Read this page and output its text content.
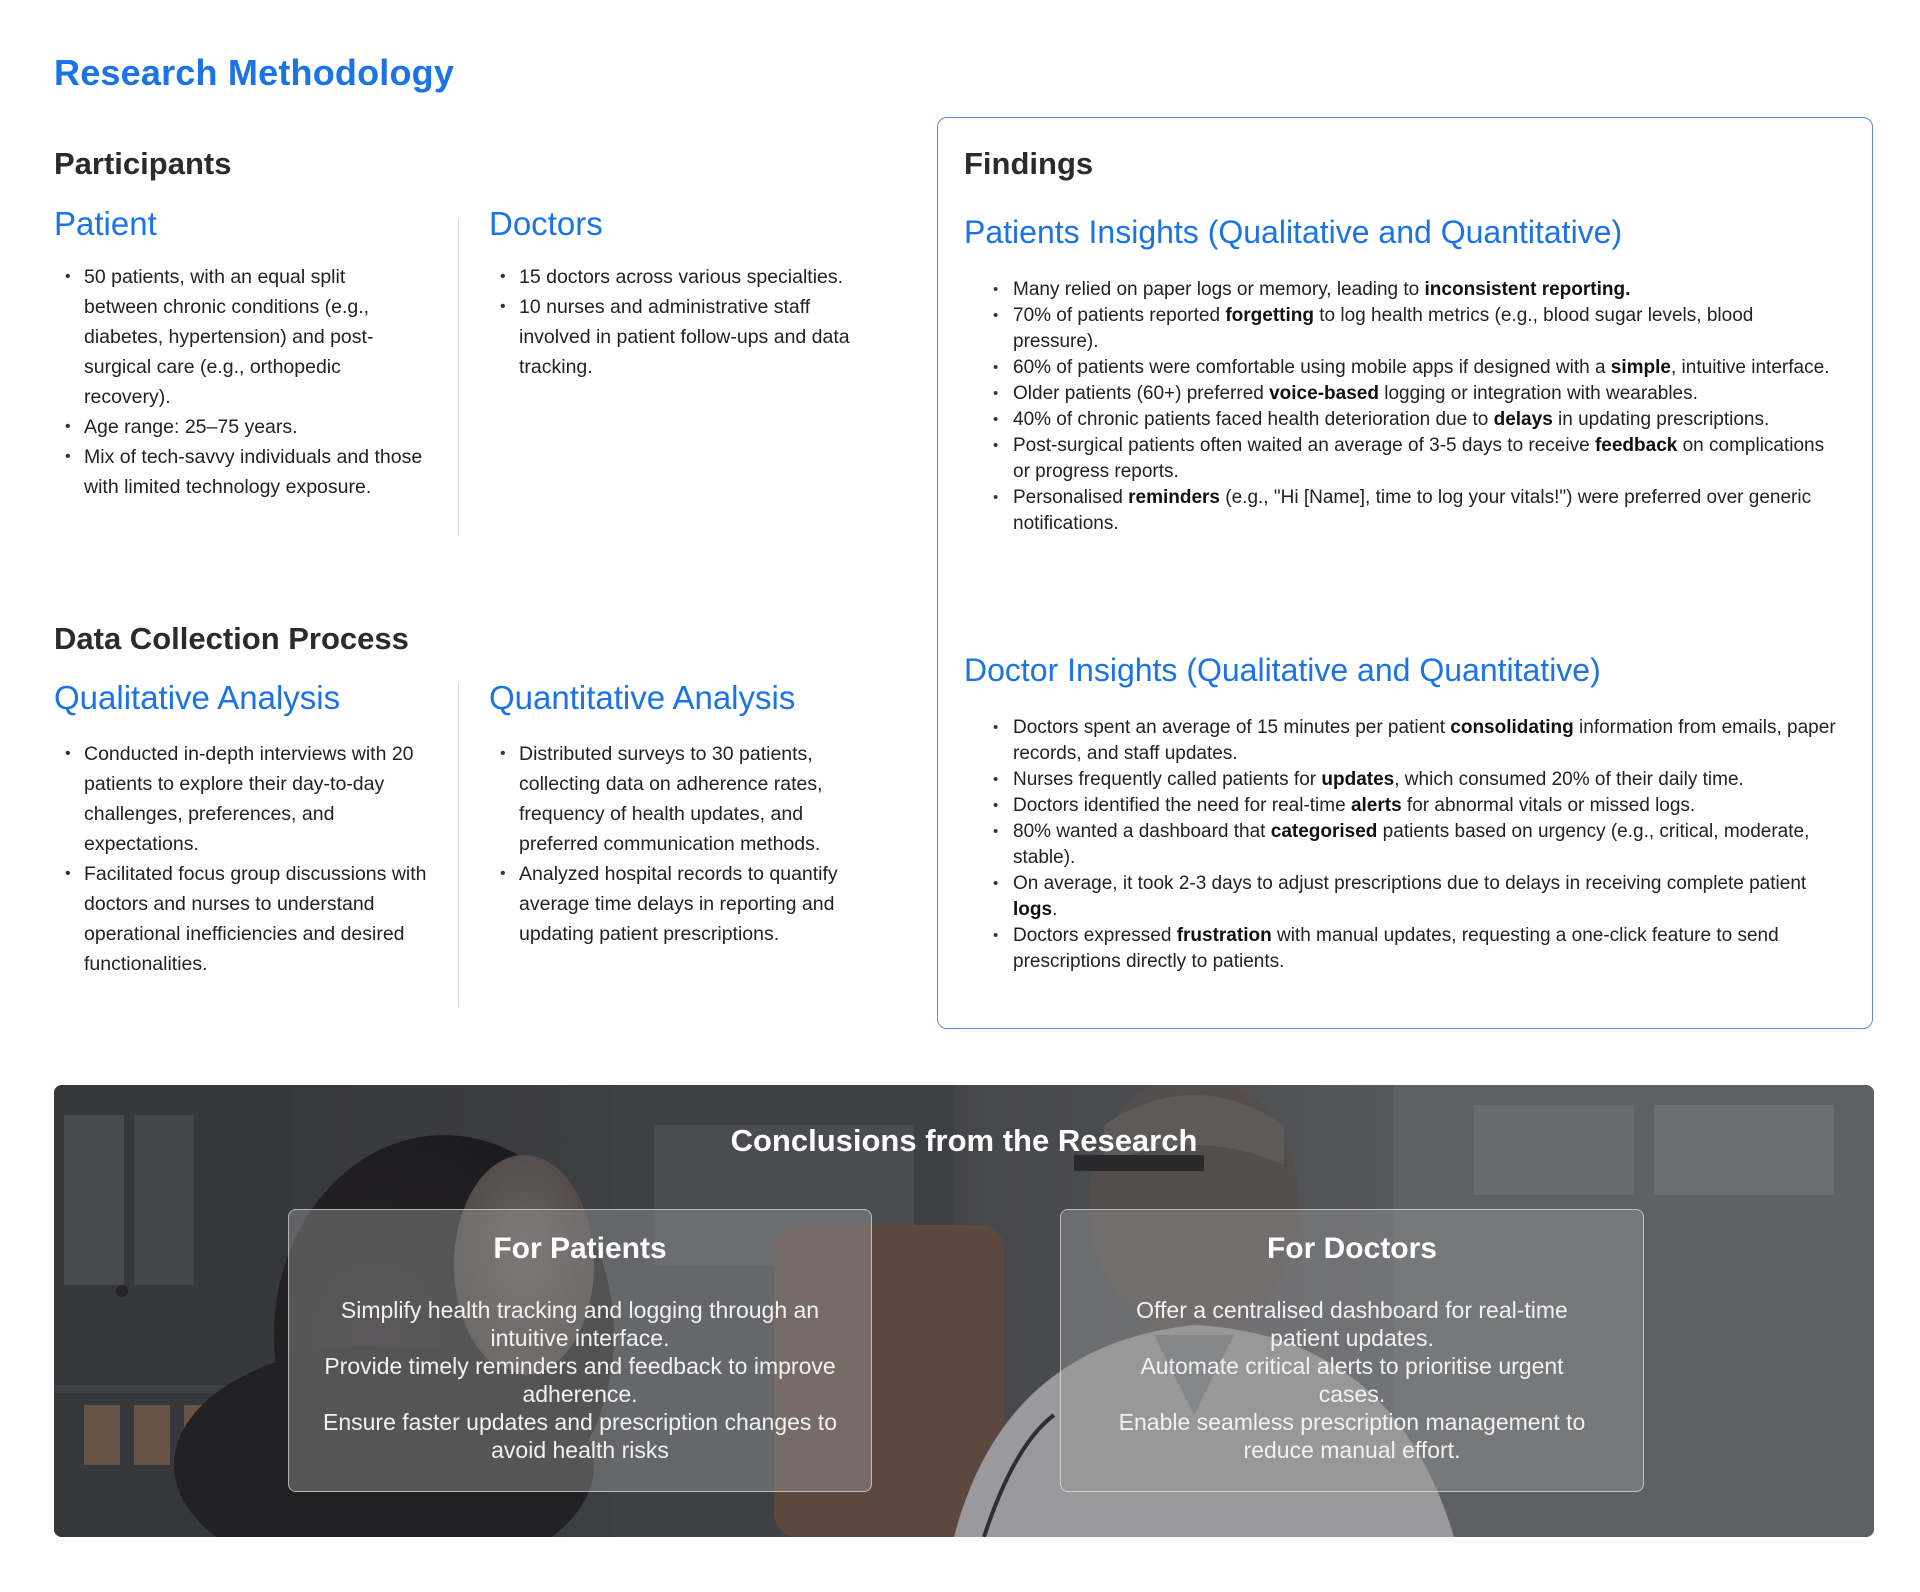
Research Methodology
Participants
Patient
• 50 patients, with an equal split between chronic conditions (e.g., diabetes, hypertension) and post-surgical care (e.g., orthopedic recovery).
• Age range: 25–75 years.
• Mix of tech-savvy individuals and those with limited technology exposure.
Doctors
• 15 doctors across various specialties.
• 10 nurses and administrative staff involved in patient follow-ups and data tracking.
Data Collection Process
Qualitative Analysis
• Conducted in-depth interviews with 20 patients to explore their day-to-day challenges, preferences, and expectations.
• Facilitated focus group discussions with doctors and nurses to understand operational inefficiencies and desired functionalities.
Quantitative Analysis
• Distributed surveys to 30 patients, collecting data on adherence rates, frequency of health updates, and preferred communication methods.
• Analyzed hospital records to quantify average time delays in reporting and updating patient prescriptions.
Findings
Patients Insights (Qualitative and Quantitative)
• Many relied on paper logs or memory, leading to inconsistent reporting.
• 70% of patients reported forgetting to log health metrics (e.g., blood sugar levels, blood pressure).
• 60% of patients were comfortable using mobile apps if designed with a simple, intuitive interface.
• Older patients (60+) preferred voice-based logging or integration with wearables.
• 40% of chronic patients faced health deterioration due to delays in updating prescriptions.
• Post-surgical patients often waited an average of 3-5 days to receive feedback on complications or progress reports.
• Personalised reminders (e.g., "Hi [Name], time to log your vitals!") were preferred over generic notifications.
Doctor Insights (Qualitative and Quantitative)
• Doctors spent an average of 15 minutes per patient consolidating information from emails, paper records, and staff updates.
• Nurses frequently called patients for updates, which consumed 20% of their daily time.
• Doctors identified the need for real-time alerts for abnormal vitals or missed logs.
• 80% wanted a dashboard that categorised patients based on urgency (e.g., critical, moderate, stable).
• On average, it took 2-3 days to adjust prescriptions due to delays in receiving complete patient logs.
• Doctors expressed frustration with manual updates, requesting a one-click feature to send prescriptions directly to patients.
Conclusions from the Research
For Patients
Simplify health tracking and logging through an intuitive interface.
Provide timely reminders and feedback to improve adherence.
Ensure faster updates and prescription changes to avoid health risks
For Doctors
Offer a centralised dashboard for real-time patient updates.
Automate critical alerts to prioritise urgent cases.
Enable seamless prescription management to reduce manual effort.
